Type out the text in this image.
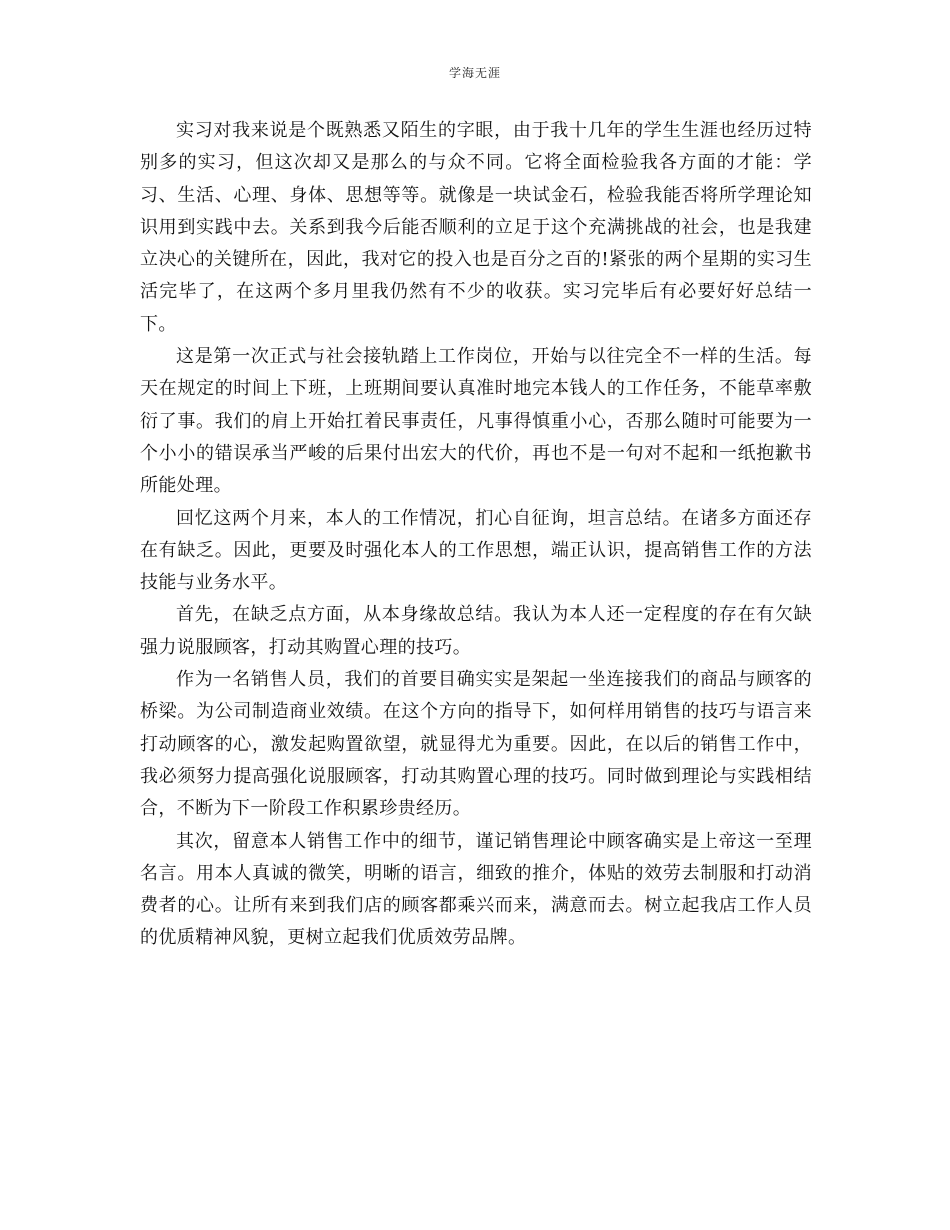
学海无涯

实习对我来说是个既熟悉又陌生的字眼，由于我十几年的学生生涯也经历过特别多的实习，但这次却又是那么的与众不同。它将全面检验我各方面的才能：学习、生活、心理、身体、思想等等。就像是一块试金石，检验我能否将所学理论知识用到实践中去。关系到我今后能否顺利的立足于这个充满挑战的社会，也是我建立决心的关键所在，因此，我对它的投入也是百分之百的!紧张的两个星期的实习生活完毕了，在这两个多月里我仍然有不少的收获。实习完毕后有必要好好总结一下。

这是第一次正式与社会接轨踏上工作岗位，开始与以往完全不一样的生活。每天在规定的时间上下班，上班期间要认真准时地完本钱人的工作任务，不能草率敷衍了事。我们的肩上开始扛着民事责任，凡事得慎重小心，否那么随时可能要为一个小小的错误承当严峻的后果付出宏大的代价，再也不是一句对不起和一纸抱歉书所能处理。

回忆这两个月来，本人的工作情况，扪心自征询，坦言总结。在诸多方面还存在有缺乏。因此，更要及时强化本人的工作思想，端正认识，提高销售工作的方法技能与业务水平。

首先，在缺乏点方面，从本身缘故总结。我认为本人还一定程度的存在有欠缺强力说服顾客，打动其购置心理的技巧。

作为一名销售人员，我们的首要目确实实是架起一坐连接我们的商品与顾客的桥梁。为公司制造商业效绩。在这个方向的指导下，如何样用销售的技巧与语言来打动顾客的心，激发起购置欲望，就显得尤为重要。因此，在以后的销售工作中，我必须努力提高强化说服顾客，打动其购置心理的技巧。同时做到理论与实践相结合，不断为下一阶段工作积累珍贵经历。

其次，留意本人销售工作中的细节，谨记销售理论中顾客确实是上帝这一至理名言。用本人真诚的微笑，明晰的语言，细致的推介，体贴的效劳去制服和打动消费者的心。让所有来到我们店的顾客都乘兴而来，满意而去。树立起我店工作人员的优质精神风貌，更树立起我们优质效劳品牌。
